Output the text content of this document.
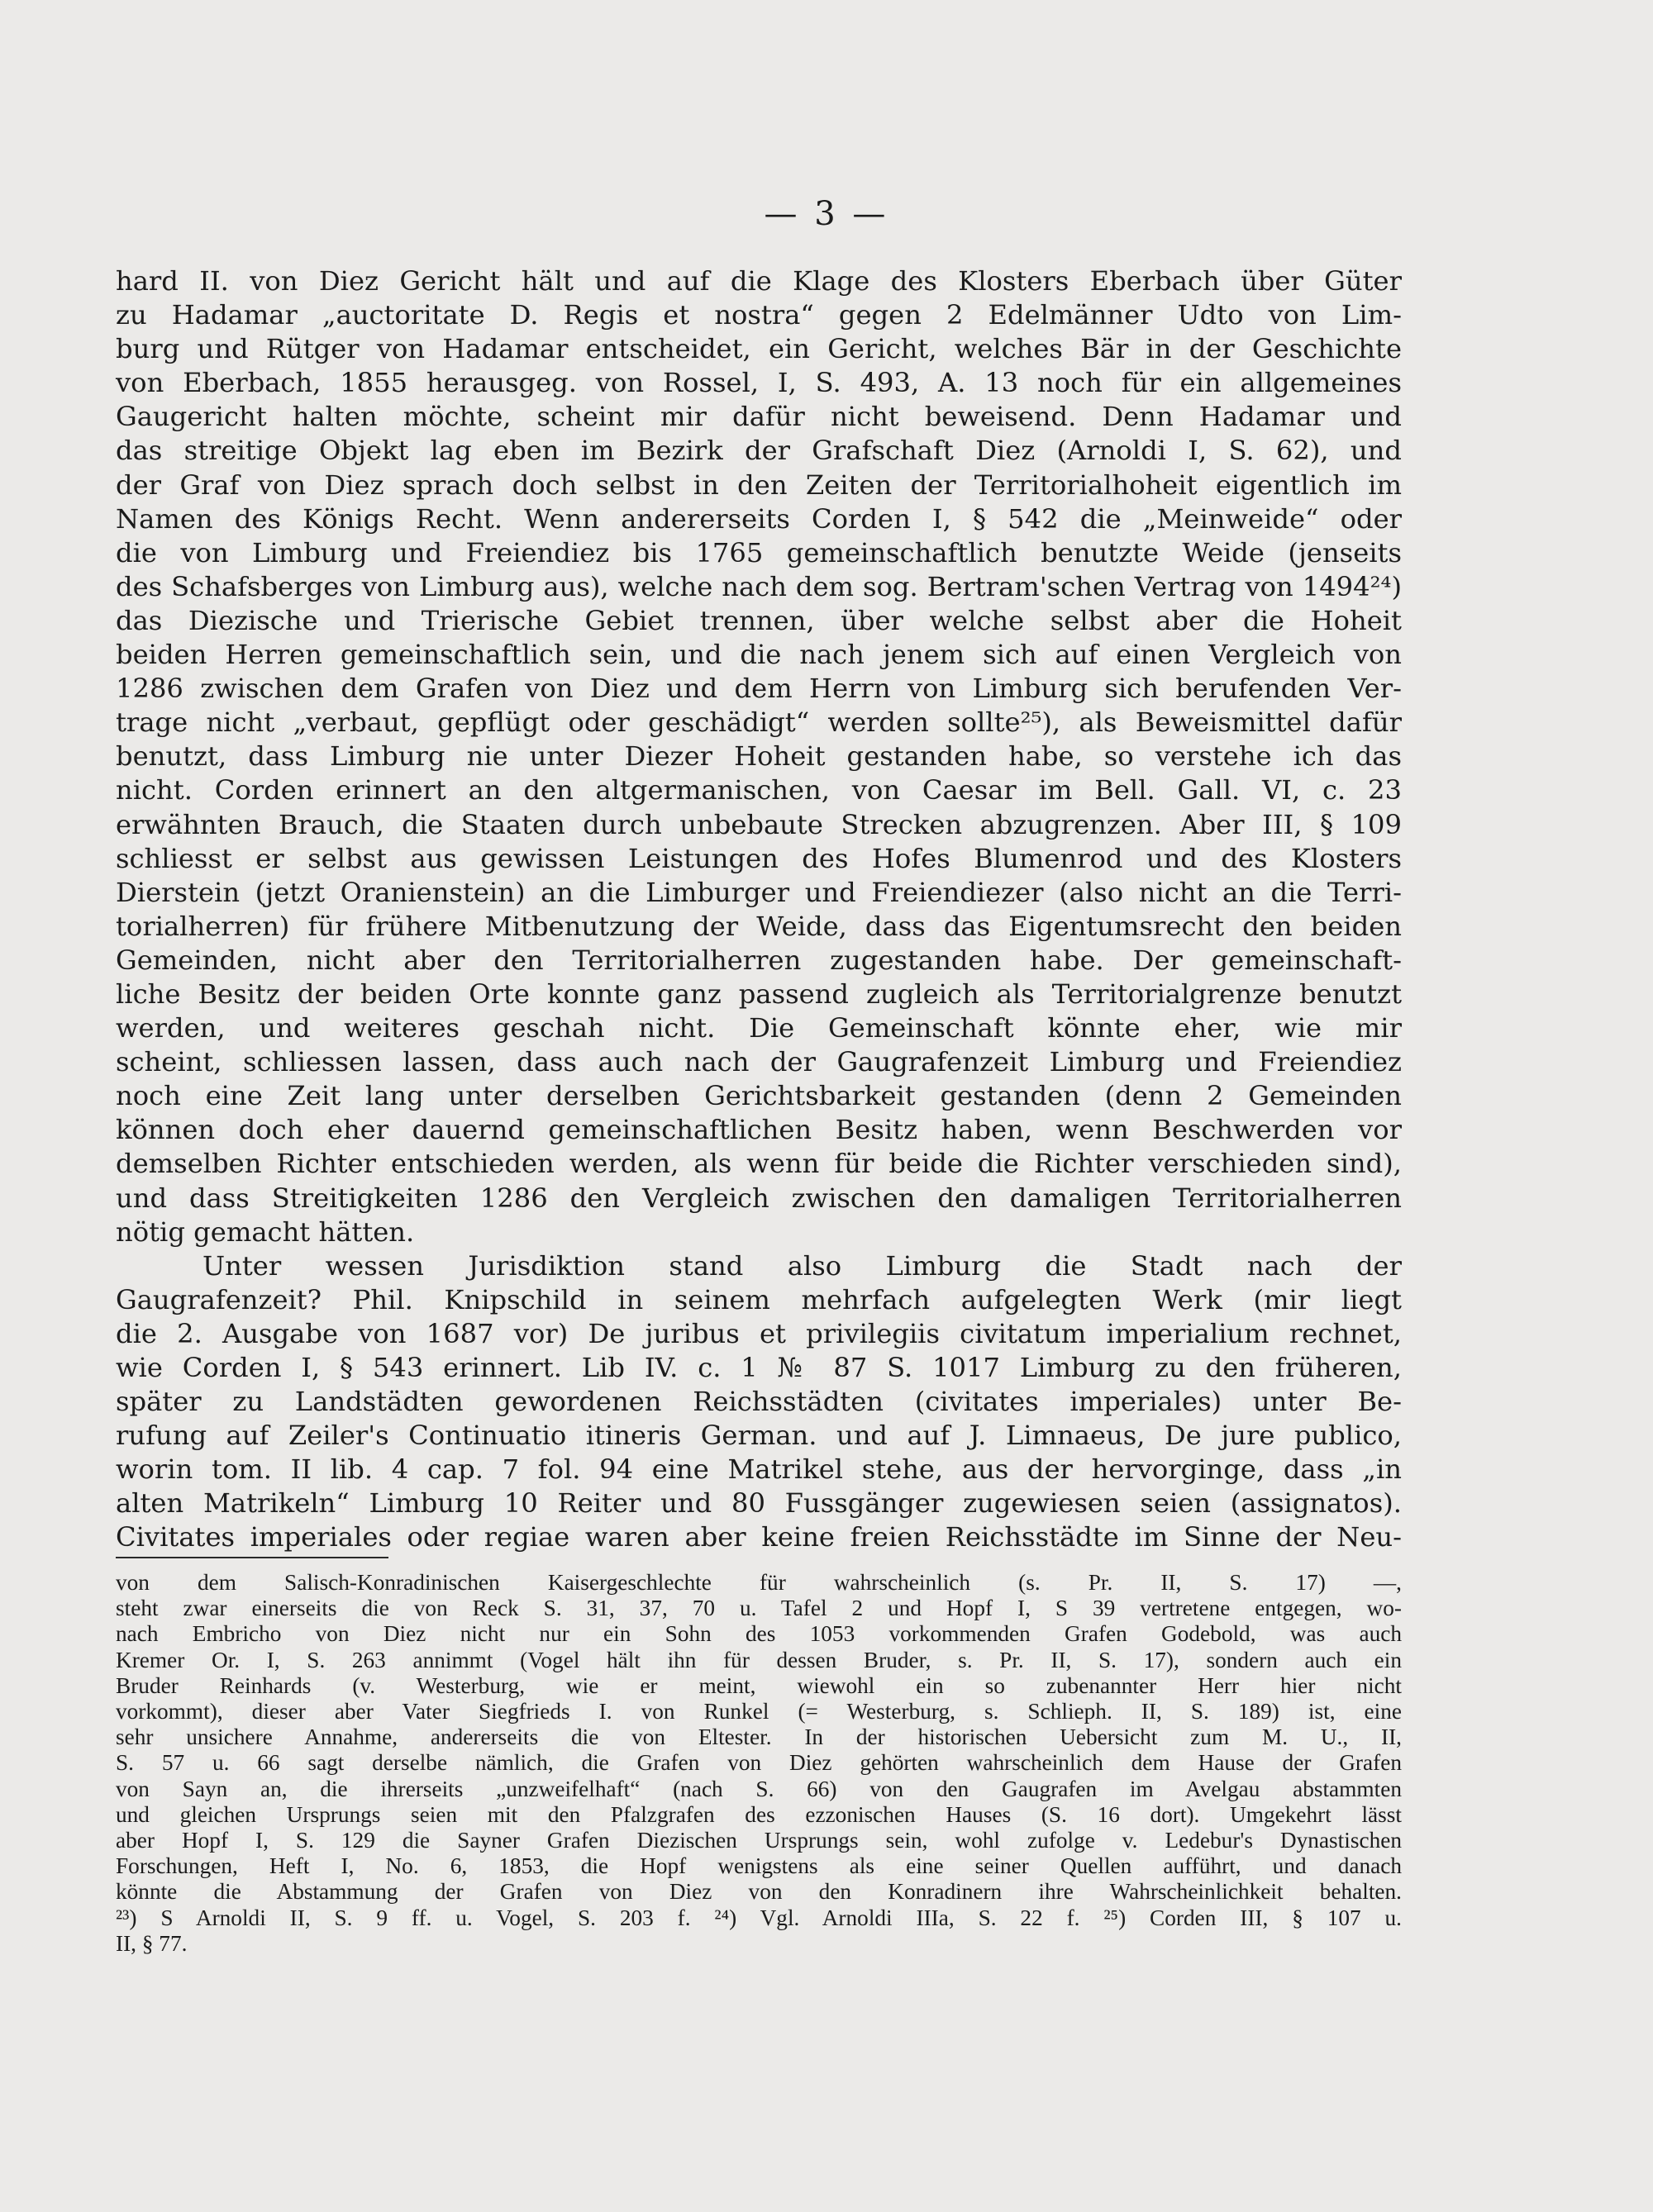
— 3 —
hard II. von Diez Gericht hält und auf die Klage des Klosters Eberbach über Güter
zu Hadamar „auctoritate D. Regis et nostra“ gegen 2 Edelmänner Udto von Lim-
burg und Rütger von Hadamar entscheidet, ein Gericht, welches Bär in der Geschichte
von Eberbach, 1855 herausgeg. von Rossel, I, S. 493, A. 13 noch für ein allgemeines
Gaugericht halten möchte, scheint mir dafür nicht beweisend. Denn Hadamar und
das streitige Objekt lag eben im Bezirk der Grafschaft Diez (Arnoldi I, S. 62), und
der Graf von Diez sprach doch selbst in den Zeiten der Territorialhoheit eigentlich im
Namen des Königs Recht. Wenn andererseits Corden I, § 542 die „Meinweide“ oder
die von Limburg und Freiendiez bis 1765 gemeinschaftlich benutzte Weide (jenseits
des Schafsberges von Limburg aus), welche nach dem sog. Bertram'schen Vertrag von 1494²⁴)
das Diezische und Trierische Gebiet trennen, über welche selbst aber die Hoheit
beiden Herren gemeinschaftlich sein, und die nach jenem sich auf einen Vergleich von
1286 zwischen dem Grafen von Diez und dem Herrn von Limburg sich berufenden Ver-
trage nicht „verbaut, gepflügt oder geschädigt“ werden sollte²⁵), als Beweismittel dafür
benutzt, dass Limburg nie unter Diezer Hoheit gestanden habe, so verstehe ich das
nicht. Corden erinnert an den altgermanischen, von Caesar im Bell. Gall. VI, c. 23
erwähnten Brauch, die Staaten durch unbebaute Strecken abzugrenzen. Aber III, § 109
schliesst er selbst aus gewissen Leistungen des Hofes Blumenrod und des Klosters
Dierstein (jetzt Oranienstein) an die Limburger und Freiendiezer (also nicht an die Terri-
torialherren) für frühere Mitbenutzung der Weide, dass das Eigentumsrecht den beiden
Gemeinden, nicht aber den Territorialherren zugestanden habe. Der gemeinschaft-
liche Besitz der beiden Orte konnte ganz passend zugleich als Territorialgrenze benutzt
werden, und weiteres geschah nicht. Die Gemeinschaft könnte eher, wie mir
scheint, schliessen lassen, dass auch nach der Gaugrafenzeit Limburg und Freiendiez
noch eine Zeit lang unter derselben Gerichtsbarkeit gestanden (denn 2 Gemeinden
können doch eher dauernd gemeinschaftlichen Besitz haben, wenn Beschwerden vor
demselben Richter entschieden werden, als wenn für beide die Richter verschieden sind),
und dass Streitigkeiten 1286 den Vergleich zwischen den damaligen Territorialherren
nötig gemacht hätten.
Unter wessen Jurisdiktion stand also Limburg die Stadt nach der
Gaugrafenzeit? Phil. Knipschild in seinem mehrfach aufgelegten Werk (mir liegt
die 2. Ausgabe von 1687 vor) De juribus et privilegiis civitatum imperialium rechnet,
wie Corden I, § 543 erinnert. Lib IV. c. 1 № 87 S. 1017 Limburg zu den früheren,
später zu Landstädten gewordenen Reichsstädten (civitates imperiales) unter Be-
rufung auf Zeiler's Continuatio itineris German. und auf J. Limnaeus, De jure publico,
worin tom. II lib. 4 cap. 7 fol. 94 eine Matrikel stehe, aus der hervorginge, dass „in
alten Matrikeln“ Limburg 10 Reiter und 80 Fussgänger zugewiesen seien (assignatos).
Civitates imperiales oder regiae waren aber keine freien Reichsstädte im Sinne der Neu-
von dem Salisch-Konradinischen Kaisergeschlechte für wahrscheinlich (s. Pr. II, S. 17) —,
steht zwar einerseits die von Reck S. 31, 37, 70 u. Tafel 2 und Hopf I, S 39 vertretene entgegen, wo-
nach Embricho von Diez nicht nur ein Sohn des 1053 vorkommenden Grafen Godebold, was auch
Kremer Or. I, S. 263 annimmt (Vogel hält ihn für dessen Bruder, s. Pr. II, S. 17), sondern auch ein
Bruder Reinhards (v. Westerburg, wie er meint, wiewohl ein so zubenannter Herr hier nicht
vorkommt), dieser aber Vater Siegfrieds I. von Runkel (= Westerburg, s. Schlieph. II, S. 189) ist, eine
sehr unsichere Annahme, andererseits die von Eltester. In der historischen Uebersicht zum M. U., II,
S. 57 u. 66 sagt derselbe nämlich, die Grafen von Diez gehörten wahrscheinlich dem Hause der Grafen
von Sayn an, die ihrerseits „unzweifelhaft“ (nach S. 66) von den Gaugrafen im Avelgau abstammten
und gleichen Ursprungs seien mit den Pfalzgrafen des ezzonischen Hauses (S. 16 dort). Umgekehrt lässt
aber Hopf I, S. 129 die Sayner Grafen Diezischen Ursprungs sein, wohl zufolge v. Ledebur's Dynastischen
Forschungen, Heft I, No. 6, 1853, die Hopf wenigstens als eine seiner Quellen aufführt, und danach
könnte die Abstammung der Grafen von Diez von den Konradinern ihre Wahrscheinlichkeit behalten.
²³) S Arnoldi II, S. 9 ff. u. Vogel, S. 203 f. ²⁴) Vgl. Arnoldi IIIa, S. 22 f. ²⁵) Corden III, § 107 u.
II, § 77.
